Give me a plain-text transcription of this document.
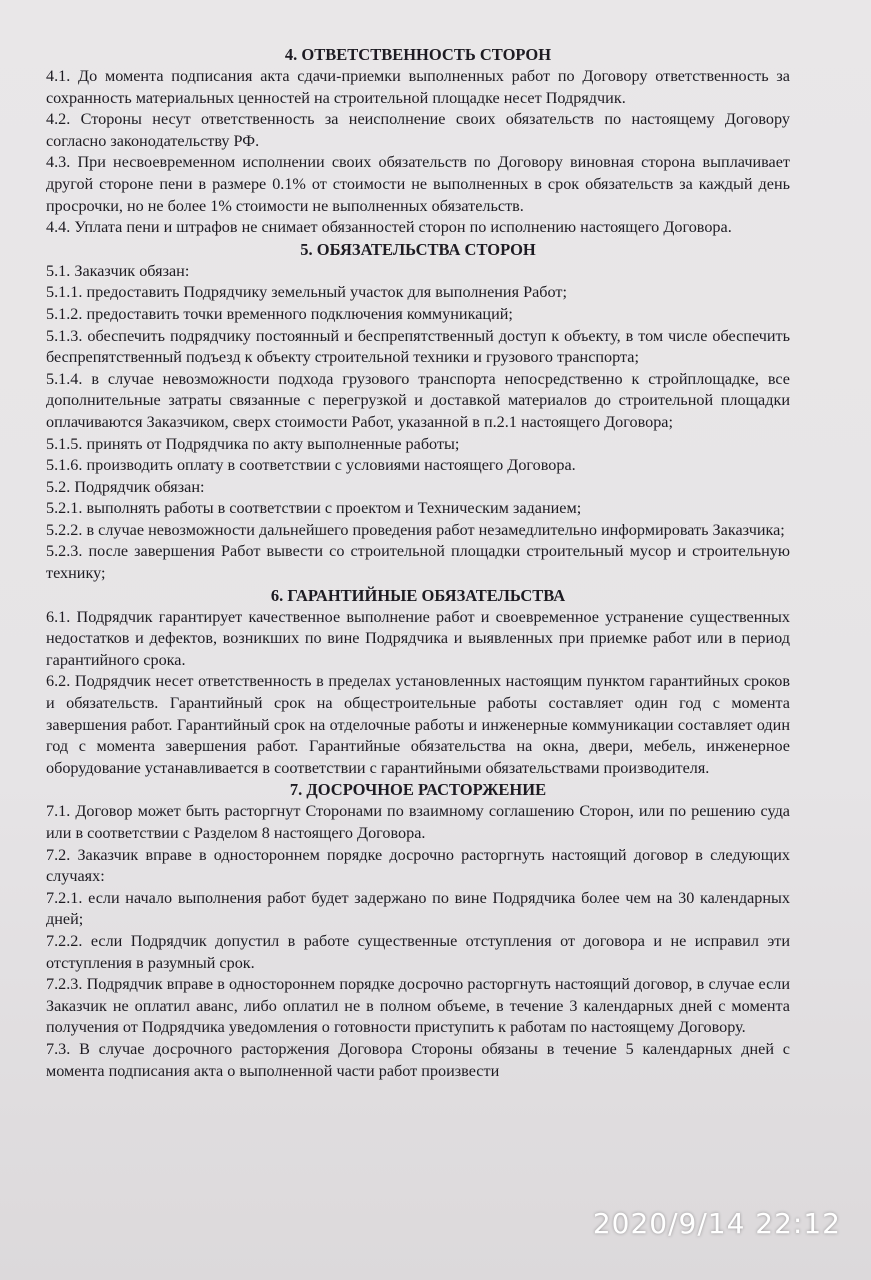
4. ОТВЕТСТВЕННОСТЬ СТОРОН

4.1. До момента подписания акта сдачи-приемки выполненных работ по Договору ответственность за сохранность материальных ценностей на строительной площадке несет Подрядчик.

4.2. Стороны несут ответственность за неисполнение своих обязательств по настоящему Договору согласно законодательству РФ.

4.3. При несвоевременном исполнении своих обязательств по Договору виновная сторона выплачивает другой стороне пени в размере 0.1% от стоимости не выполненных в срок обязательств за каждый день просрочки, но не более 1% стоимости не выполненных обязательств.

4.4. Уплата пени и штрафов не снимает обязанностей сторон по исполнению настоящего Договора.

5. ОБЯЗАТЕЛЬСТВА СТОРОН

5.1. Заказчик обязан:

5.1.1. предоставить Подрядчику земельный участок для выполнения Работ;

5.1.2. предоставить точки временного подключения коммуникаций;

5.1.3. обеспечить подрядчику постоянный и беспрепятственный доступ к объекту, в том числе обеспечить беспрепятственный подъезд к объекту строительной техники и грузового транспорта;

5.1.4. в случае невозможности подхода грузового транспорта непосредственно к стройплощадке, все дополнительные затраты связанные с перегрузкой и доставкой материалов до строительной площадки оплачиваются Заказчиком, сверх стоимости Работ, указанной в п.2.1 настоящего Договора;

5.1.5. принять от Подрядчика по акту выполненные работы;

5.1.6. производить оплату в соответствии с условиями настоящего Договора.

5.2. Подрядчик обязан:

5.2.1. выполнять работы в соответствии с проектом и Техническим заданием;

5.2.2. в случае невозможности дальнейшего проведения работ незамедлительно информировать Заказчика;

5.2.3. после завершения Работ вывести со строительной площадки строительный мусор и строительную технику;

6. ГАРАНТИЙНЫЕ ОБЯЗАТЕЛЬСТВА

6.1. Подрядчик гарантирует качественное выполнение работ и своевременное устранение существенных недостатков и дефектов, возникших по вине Подрядчика и выявленных при приемке работ или в период гарантийного срока.

6.2. Подрядчик несет ответственность в пределах установленных настоящим пунктом гарантийных сроков и обязательств. Гарантийный срок на общестроительные работы составляет один год с момента завершения работ. Гарантийный срок на отделочные работы и инженерные коммуникации составляет один год с момента завершения работ. Гарантийные обязательства на окна, двери, мебель, инженерное оборудование устанавливается в соответствии с гарантийными обязательствами производителя.

7. ДОСРОЧНОЕ РАСТОРЖЕНИЕ

7.1. Договор может быть расторгнут Сторонами по взаимному соглашению Сторон, или по решению суда или в соответствии с Разделом 8 настоящего Договора.

7.2. Заказчик вправе в одностороннем порядке досрочно расторгнуть настоящий договор в следующих случаях:

7.2.1. если начало выполнения работ будет задержано по вине Подрядчика более чем на 30 календарных дней;

7.2.2. если Подрядчик допустил в работе существенные отступления от договора и не исправил эти отступления в разумный срок.

7.2.3. Подрядчик вправе в одностороннем порядке досрочно расторгнуть настоящий договор, в случае если Заказчик не оплатил аванс, либо оплатил не в полном объеме, в течение 3 календарных дней с момента получения от Подрядчика уведомления о готовности приступить к работам по настоящему Договору.

7.3. В случае досрочного расторжения Договора Стороны обязаны в течение 5 календарных дней с момента подписания акта о выполненной части работ произвести

2020/9/14 22:12
